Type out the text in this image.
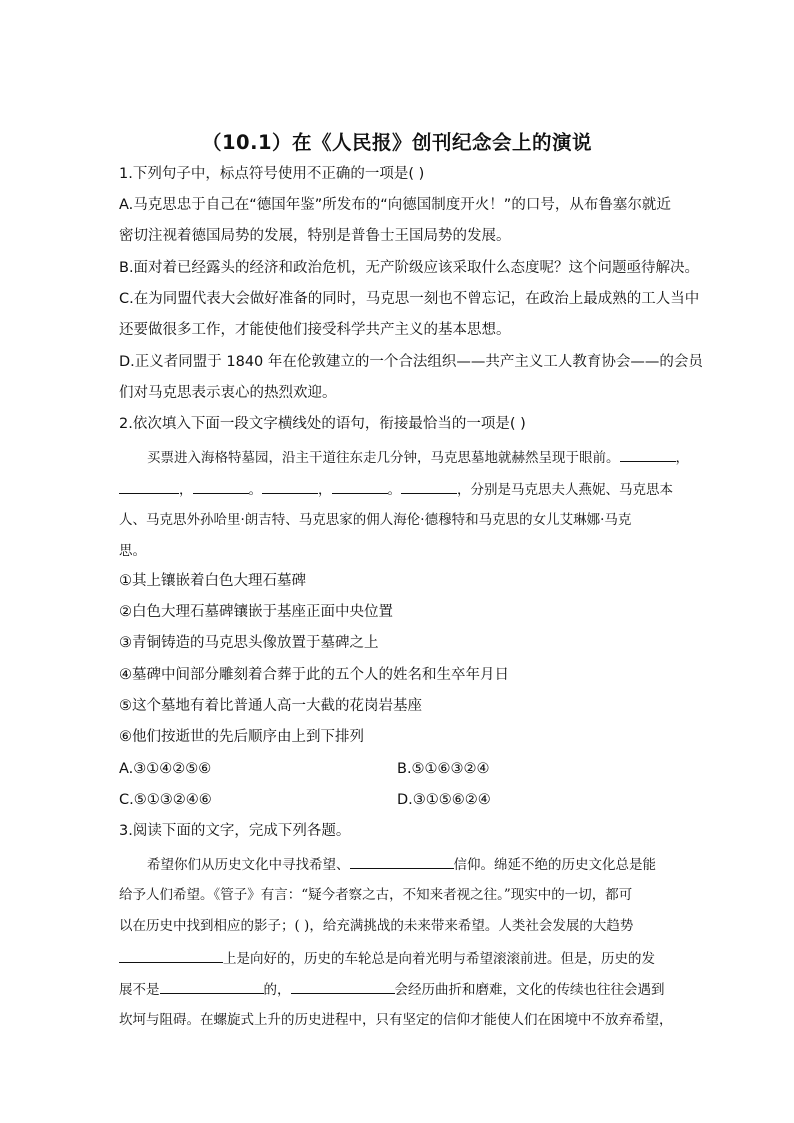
（10.1）在《人民报》创刊纪念会上的演说
1.下列句子中，标点符号使用不正确的一项是( )
A.马克思忠于自己在“德国年鉴”所发布的“向德国制度开火！”的口号，从布鲁塞尔就近
密切注视着德国局势的发展，特别是普鲁士王国局势的发展。
B.面对着已经露头的经济和政治危机，无产阶级应该采取什么态度呢？这个问题亟待解决。
C.在为同盟代表大会做好准备的同时，马克思一刻也不曾忘记，在政治上最成熟的工人当中
还要做很多工作，才能使他们接受科学共产主义的基本思想。
D.正义者同盟于 1840 年在伦敦建立的一个合法组织——共产主义工人教育协会——的会员
们对马克思表示衷心的热烈欢迎。
2.依次填入下面一段文字横线处的语句，衔接最恰当的一项是( )
买票进入海格特墓园，沿主干道往东走几分钟，马克思墓地就赫然呈现于眼前。	，
，	。	，	。	，分别是马克思夫人燕妮、马克思本
人、马克思外孙哈里·朗吉特、马克思家的佣人海伦·德穆特和马克思的女儿艾琳娜·马克
思。
①其上镶嵌着白色大理石墓碑
②白色大理石墓碑镶嵌于基座正面中央位置
③青铜铸造的马克思头像放置于墓碑之上
④墓碑中间部分雕刻着合葬于此的五个人的姓名和生卒年月日
⑤这个墓地有着比普通人高一大截的花岗岩基座
⑥他们按逝世的先后顺序由上到下排列
A.③①④②⑤⑥	B.⑤①⑥③②④
C.⑤①③②④⑥	D.③①⑤⑥②④
3.阅读下面的文字，完成下列各题。
希望你们从历史文化中寻找希望、	信仰。绵延不绝的历史文化总是能
给予人们希望。《管子》有言：“疑今者察之古，不知来者视之往。”现实中的一切，都可
以在历史中找到相应的影子；( )，给充满挑战的未来带来希望。人类社会发展的大趋势
上是向好的，历史的车轮总是向着光明与希望滚滚前进。但是，历史的发
展不是	的，	会经历曲折和磨难，文化的传续也往往会遇到
坎坷与阻碍。在螺旋式上升的历史进程中，只有坚定的信仰才能使人们在困境中不放弃希望，
